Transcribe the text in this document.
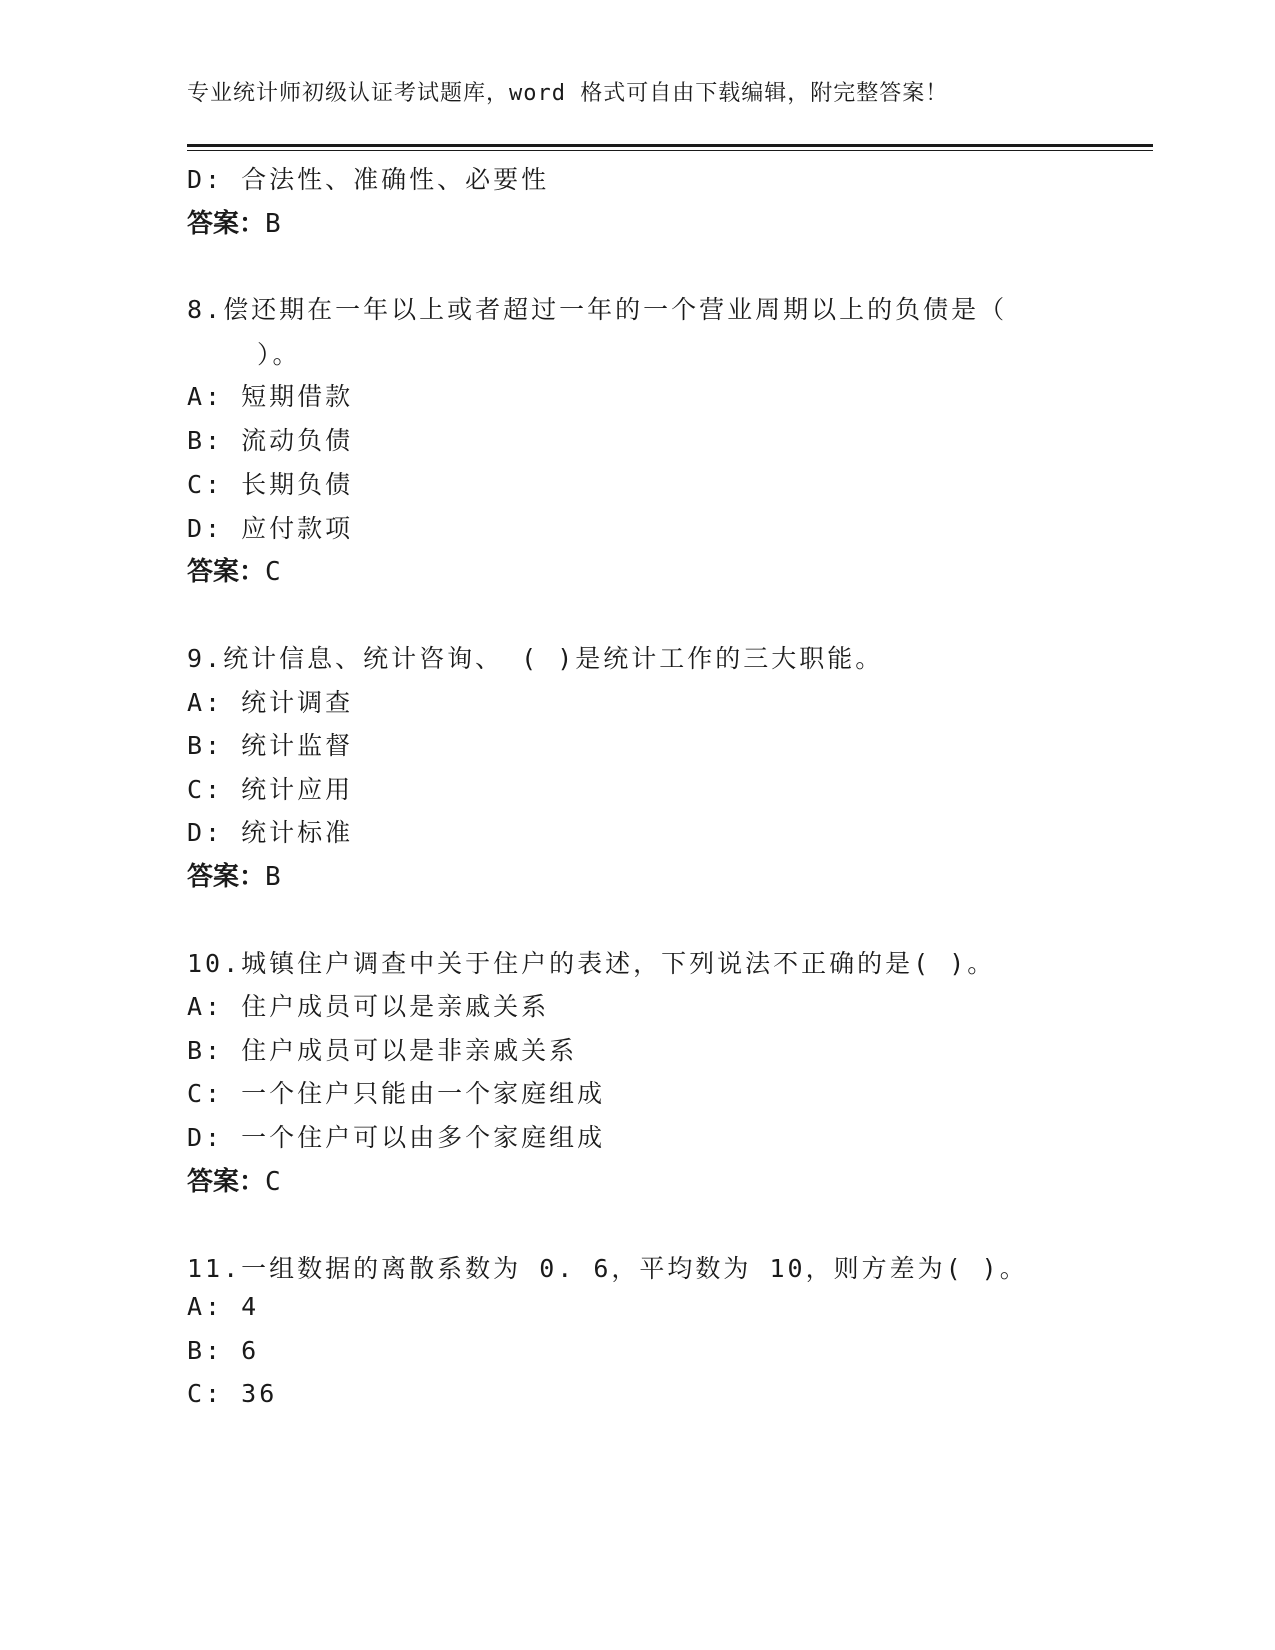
专业统计师初级认证考试题库，word 格式可自由下载编辑，附完整答案！
D: 合法性、准确性、必要性
答案：B
8.偿还期在一年以上或者超过一年的一个营业周期以上的负债是（
）。
A: 短期借款
B: 流动负债
C: 长期负债
D: 应付款项
答案：C
9.统计信息、统计咨询、 ( )是统计工作的三大职能。
A: 统计调查
B: 统计监督
C: 统计应用
D: 统计标准
答案：B
10.城镇住户调查中关于住户的表述，下列说法不正确的是( )。
A: 住户成员可以是亲戚关系
B: 住户成员可以是非亲戚关系
C: 一个住户只能由一个家庭组成
D: 一个住户可以由多个家庭组成
答案：C
11.一组数据的离散系数为 0. 6，平均数为 10，则方差为( )。
A: 4
B: 6
C: 36
